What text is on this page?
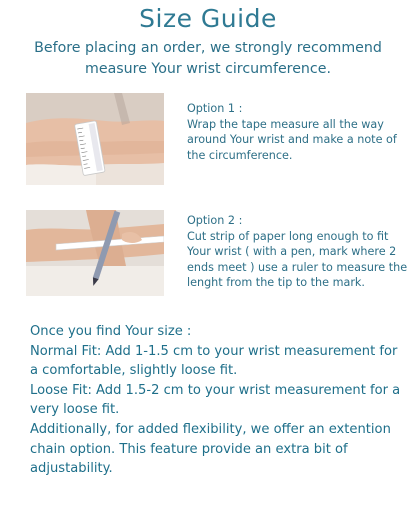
Size Guide

Before placing an order, we strongly recommend measure Your wrist circumference.

Option 1 :
Wrap the tape measure all the way around Your wrist and make a note of the circumference.
Option 2 :
Cut strip of paper long enough to fit Your wrist ( with a pen, mark where 2 ends meet ) use a ruler to measure the lenght from the tip to the mark.
Once you find Your size :
Normal Fit: Add 1-1.5 cm to your wrist measurement for a comfortable, slightly loose fit.
Loose Fit: Add 1.5-2 cm to your wrist measurement for a very loose fit.
Additionally, for added flexibility, we offer an extention chain option. This feature provide an extra bit of adjustability.
